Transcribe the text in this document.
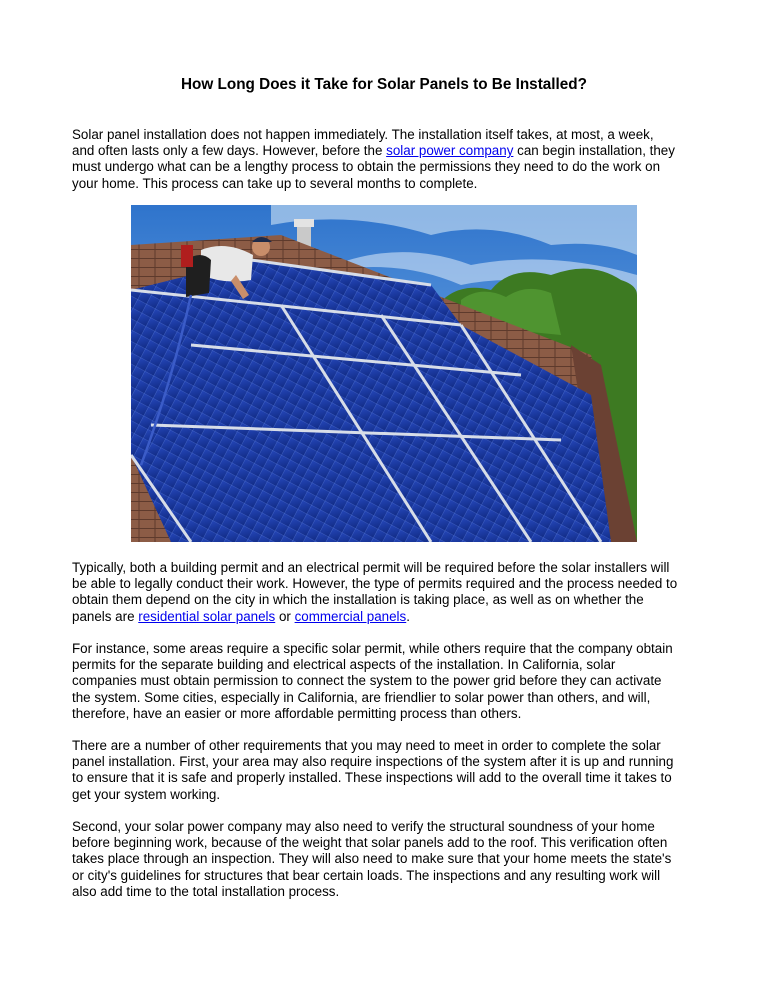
How Long Does it Take for Solar Panels to Be Installed?

Solar panel installation does not happen immediately. The installation itself takes, at most, a week,
and often lasts only a few days. However, before the solar power company can begin installation, they
must undergo what can be a lengthy process to obtain the permissions they need to do the work on
your home. This process can take up to several months to complete.

Typically, both a building permit and an electrical permit will be required before the solar installers will
be able to legally conduct their work. However, the type of permits required and the process needed to
obtain them depend on the city in which the installation is taking place, as well as on whether the
panels are residential solar panels or commercial panels.

For instance, some areas require a specific solar permit, while others require that the company obtain
permits for the separate building and electrical aspects of the installation. In California, solar
companies must obtain permission to connect the system to the power grid before they can activate
the system. Some cities, especially in California, are friendlier to solar power than others, and will,
therefore, have an easier or more affordable permitting process than others.

There are a number of other requirements that you may need to meet in order to complete the solar
panel installation. First, your area may also require inspections of the system after it is up and running
to ensure that it is safe and properly installed. These inspections will add to the overall time it takes to
get your system working.

Second, your solar power company may also need to verify the structural soundness of your home
before beginning work, because of the weight that solar panels add to the roof. This verification often
takes place through an inspection. They will also need to make sure that your home meets the state's
or city's guidelines for structures that bear certain loads. The inspections and any resulting work will
also add time to the total installation process.
